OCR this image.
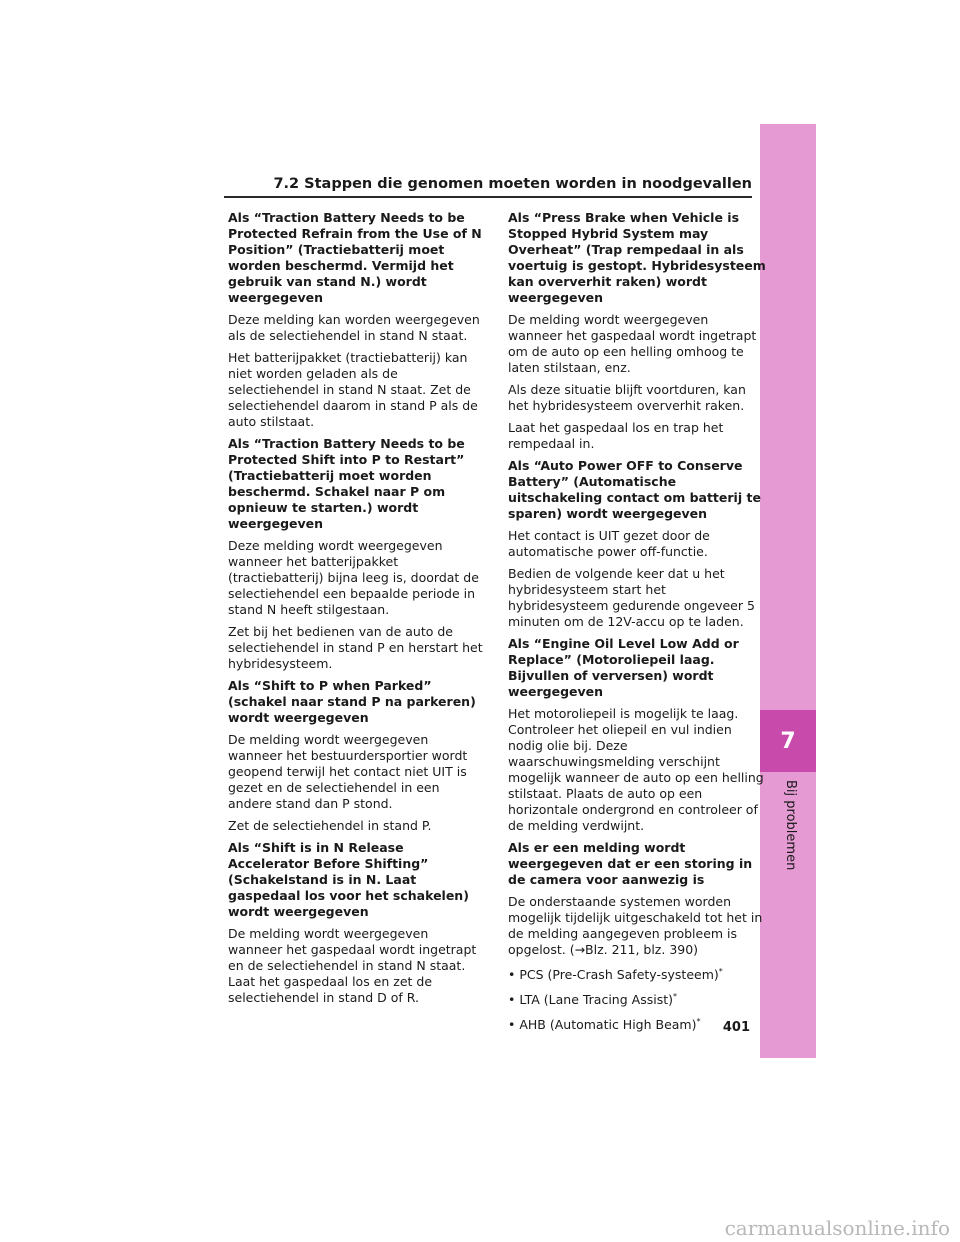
7.2 Stappen die genomen moeten worden in noodgevallen
7
Bij problemen
Als “Traction Battery Needs to be Protected Refrain from the Use of N Position” (Tractiebatterij moet worden beschermd. Vermijd het gebruik van stand N.) wordt weergegeven
Deze melding kan worden weergegeven als de selectiehendel in stand N staat.
Het batterijpakket (tractiebatterij) kan niet worden geladen als de selectiehendel in stand N staat. Zet de selectiehendel daarom in stand P als de auto stilstaat.
Als “Traction Battery Needs to be Protected Shift into P to Restart” (Tractiebatterij moet worden beschermd. Schakel naar P om opnieuw te starten.) wordt weergegeven
Deze melding wordt weergegeven wanneer het batterijpakket (tractiebatterij) bijna leeg is, doordat de selectiehendel een bepaalde periode in stand N heeft stilgestaan.
Zet bij het bedienen van de auto de selectiehendel in stand P en herstart het hybridesysteem.
Als “Shift to P when Parked” (schakel naar stand P na parkeren) wordt weergegeven
De melding wordt weergegeven wanneer het bestuurdersportier wordt geopend terwijl het contact niet UIT is gezet en de selectiehendel in een andere stand dan P stond.
Zet de selectiehendel in stand P.
Als “Shift is in N Release Accelerator Before Shifting” (Schakelstand is in N. Laat gaspedaal los voor het schakelen) wordt weergegeven
De melding wordt weergegeven wanneer het gaspedaal wordt ingetrapt en de selectiehendel in stand N staat. Laat het gaspedaal los en zet de selectiehendel in stand D of R.
Als “Press Brake when Vehicle is Stopped Hybrid System may Overheat” (Trap rempedaal in als voertuig is gestopt. Hybridesysteem kan oververhit raken) wordt weergegeven
De melding wordt weergegeven wanneer het gaspedaal wordt ingetrapt om de auto op een helling omhoog te laten stilstaan, enz.
Als deze situatie blijft voortduren, kan het hybridesysteem oververhit raken.
Laat het gaspedaal los en trap het rempedaal in.
Als “Auto Power OFF to Conserve Battery” (Automatische uitschakeling contact om batterij te sparen) wordt weergegeven
Het contact is UIT gezet door de automatische power off-functie.
Bedien de volgende keer dat u het hybridesysteem start het hybridesysteem gedurende ongeveer 5 minuten om de 12V-accu op te laden.
Als “Engine Oil Level Low Add or Replace” (Motoroliepeil laag. Bijvullen of verversen) wordt weergegeven
Het motoroliepeil is mogelijk te laag. Controleer het oliepeil en vul indien nodig olie bij. Deze waarschuwingsmelding verschijnt mogelijk wanneer de auto op een helling stilstaat. Plaats de auto op een horizontale ondergrond en controleer of de melding verdwijnt.
Als er een melding wordt weergegeven dat er een storing in de camera voor aanwezig is
De onderstaande systemen worden mogelijk tijdelijk uitgeschakeld tot het in de melding aangegeven probleem is opgelost. (→Blz. 211, blz. 390)
• PCS (Pre-Crash Safety-systeem)*
• LTA (Lane Tracing Assist)*
• AHB (Automatic High Beam)*	401
carmanualsonline.info
